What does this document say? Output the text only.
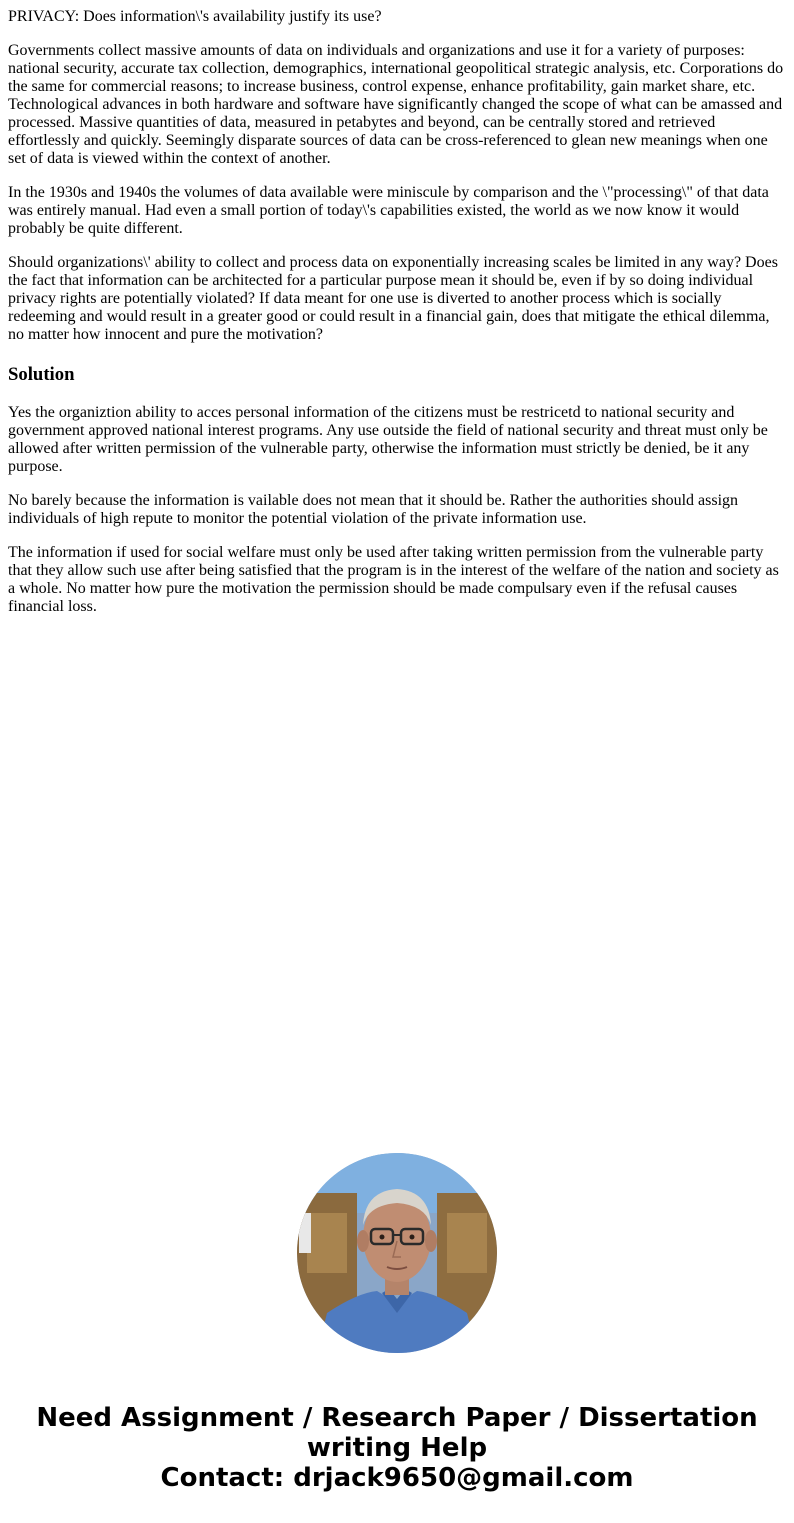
PRIVACY: Does information\'s availability justify its use?

Governments collect massive amounts of data on individuals and organizations and use it for a variety of purposes: national security, accurate tax collection, demographics, international geopolitical strategic analysis, etc. Corporations do the same for commercial reasons; to increase business, control expense, enhance profitability, gain market share, etc. Technological advances in both hardware and software have significantly changed the scope of what can be amassed and processed. Massive quantities of data, measured in petabytes and beyond, can be centrally stored and retrieved effortlessly and quickly. Seemingly disparate sources of data can be cross-referenced to glean new meanings when one set of data is viewed within the context of another.

In the 1930s and 1940s the volumes of data available were miniscule by comparison and the \"processing\" of that data was entirely manual. Had even a small portion of today\'s capabilities existed, the world as we now know it would probably be quite different.

Should organizations\' ability to collect and process data on exponentially increasing scales be limited in any way? Does the fact that information can be architected for a particular purpose mean it should be, even if by so doing individual privacy rights are potentially violated? If data meant for one use is diverted to another process which is socially redeeming and would result in a greater good or could result in a financial gain, does that mitigate the ethical dilemma, no matter how innocent and pure the motivation?

Solution

Yes the organiztion ability to acces personal information of the citizens must be restricetd to national security and government approved national interest programs. Any use outside the field of national security and threat must only be allowed after written permission of the vulnerable party, otherwise the information must strictly be denied, be it any purpose.

No barely because the information is vailable does not mean that it should be. Rather the authorities should assign individuals of high repute to monitor the potential violation of the private information use.

The information if used for social welfare must only be used after taking written permission from the vulnerable party that they allow such use after being satisfied that the program is in the interest of the welfare of the nation and society as a whole. No matter how pure the motivation the permission should be made compulsary even if the refusal causes financial loss.

Need Assignment / Research Paper / Dissertation
writing Help
Contact: drjack9650@gmail.com
